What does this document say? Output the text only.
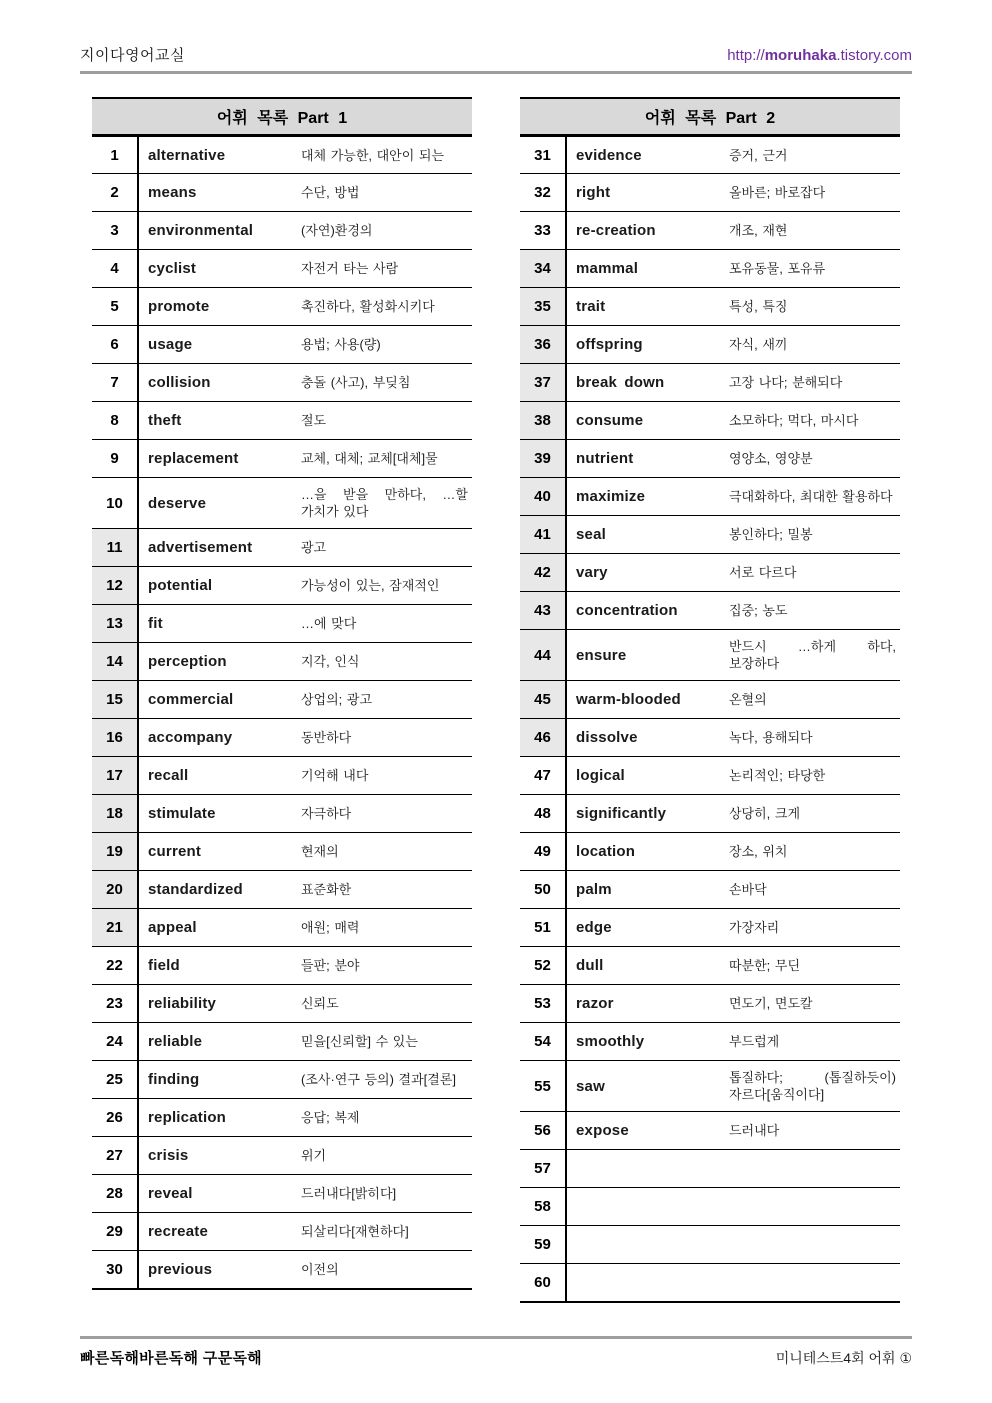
지이다영어교실	http://moruhaka.tistory.com
어휘 목록 Part 1		
1	alternative	대체 가능한, 대안이 되는
2	means	수단, 방법
3	environmental	(자연)환경의
4	cyclist	자전거 타는 사람
5	promote	촉진하다, 활성화시키다
6	usage	용법; 사용(량)
7	collision	충돌 (사고), 부딪침
8	theft	절도
9	replacement	교체, 대체; 교체[대체]물
10	deserve	…을 받을 만하다, …할 가치가 있다
11	advertisement	광고
12	potential	가능성이 있는, 잠재적인
13	fit	…에 맞다
14	perception	지각, 인식
15	commercial	상업의; 광고
16	accompany	동반하다
17	recall	기억해 내다
18	stimulate	자극하다
19	current	현재의
20	standardized	표준화한
21	appeal	애원; 매력
22	field	들판; 분야
23	reliability	신뢰도
24	reliable	믿을[신뢰할] 수 있는
25	finding	(조사·연구 등의) 결과[결론]
26	replication	응답; 복제
27	crisis	위기
28	reveal	드러내다[밝히다]
29	recreate	되살리다[재현하다]
30	previous	이전의
어휘 목록 Part 2		
31	evidence	증거, 근거
32	right	올바른; 바로잡다
33	re-creation	개조, 재현
34	mammal	포유동물, 포유류
35	trait	특성, 특징
36	offspring	자식, 새끼
37	break down	고장 나다; 분해되다
38	consume	소모하다; 먹다, 마시다
39	nutrient	영양소, 영양분
40	maximize	극대화하다, 최대한 활용하다
41	seal	봉인하다; 밀봉
42	vary	서로 다르다
43	concentration	집중; 농도
44	ensure	반드시 …하게 하다, 보장하다
45	warm-blooded	온혈의
46	dissolve	녹다, 용해되다
47	logical	논리적인; 타당한
48	significantly	상당히, 크게
49	location	장소, 위치
50	palm	손바닥
51	edge	가장자리
52	dull	따분한; 무딘
53	razor	면도기, 면도칼
54	smoothly	부드럽게
55	saw	톱질하다; (톱질하듯이) 자르다[움직이다]
56	expose	드러내다
57		
58		
59		
60		
빠른독해바른독해 구문독해	미니테스트4회 어휘 ①
